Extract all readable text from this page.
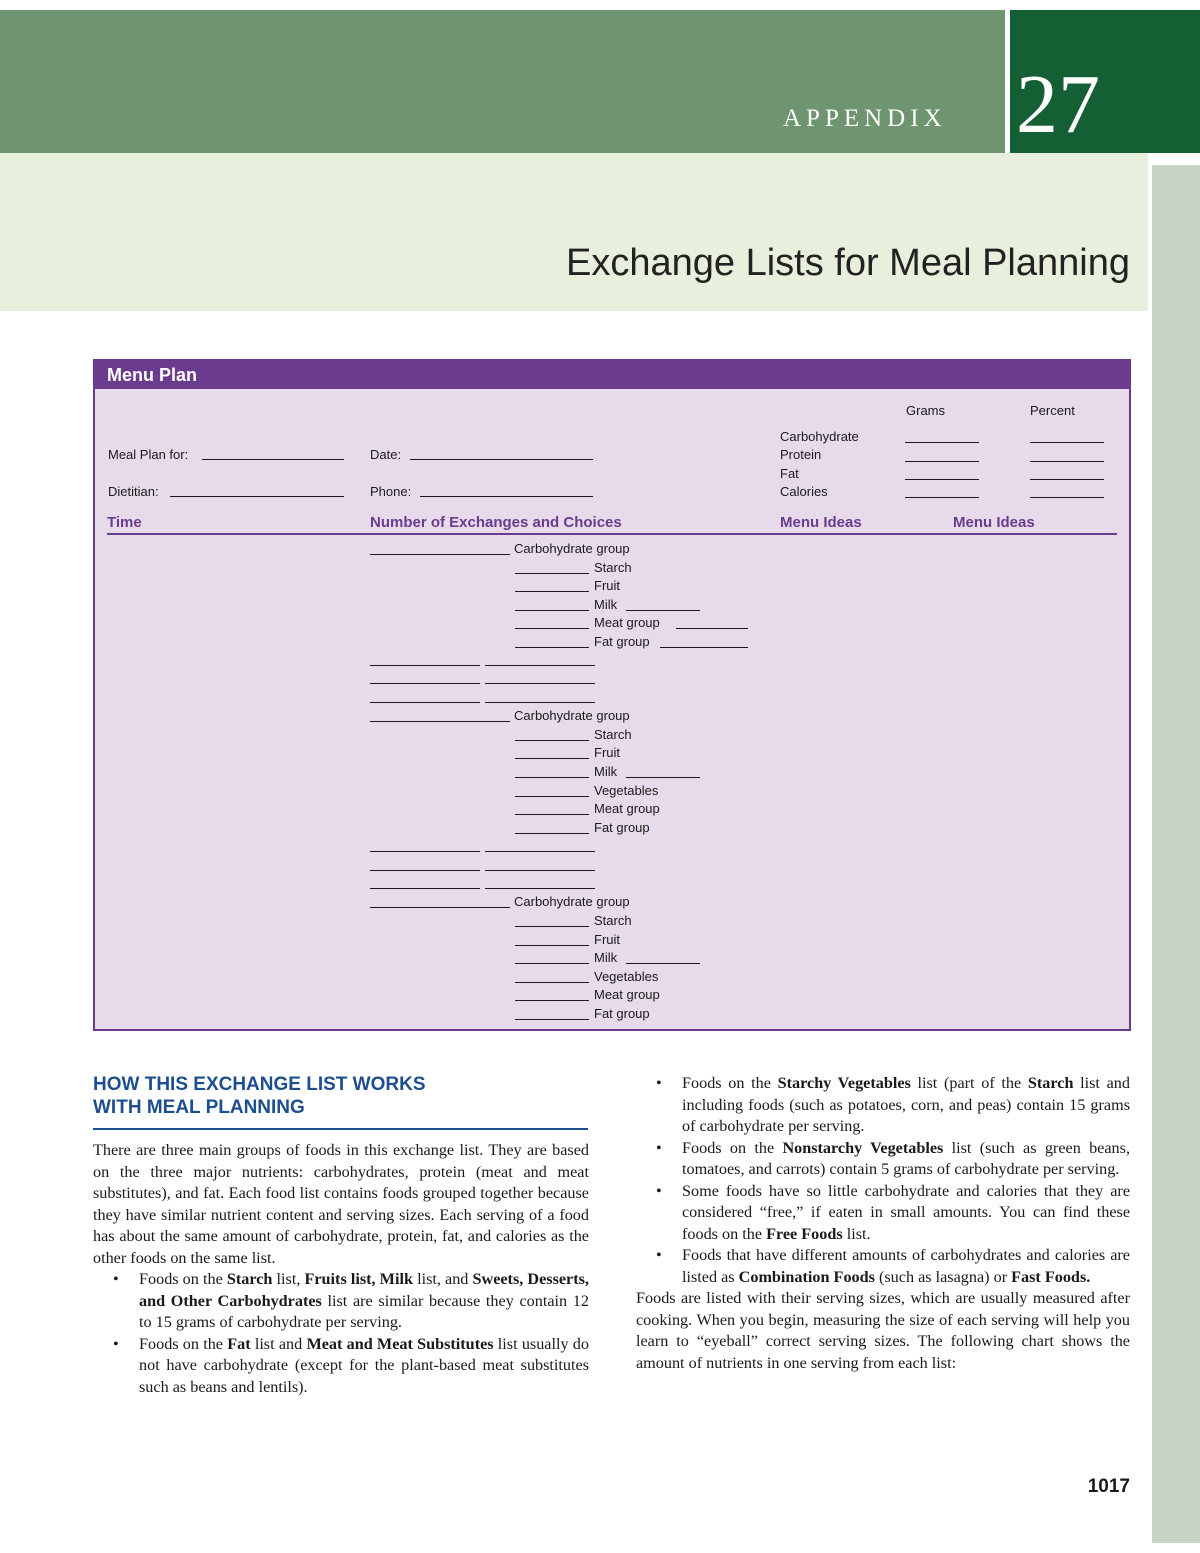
APPENDIX 27
Exchange Lists for Meal Planning
Menu Plan
Grams	Percent
Carbohydrate
Protein
Fat
Calories
Meal Plan for:	Date:
Dietitian:	Phone:
Time	Number of Exchanges and Choices	Menu Ideas	Menu Ideas
Carbohydrate group
Starch
Fruit
Milk
Meat group
Fat group
Carbohydrate group
Starch
Fruit
Milk
Vegetables
Meat group
Fat group
Carbohydrate group
Starch
Fruit
Milk
Vegetables
Meat group
Fat group
HOW THIS EXCHANGE LIST WORKS
WITH MEAL PLANNING

There are three main groups of foods in this exchange list. They are based on the three major nutrients: carbohydrates, protein (meat and meat substitutes), and fat. Each food list contains foods grouped together because they have similar nutrient content and serving sizes. Each serving of a food has about the same amount of carbohydrate, protein, fat, and calories as the other foods on the same list.

• Foods on the Starch list, Fruits list, Milk list, and Sweets, Desserts, and Other Carbohydrates list are similar because they contain 12 to 15 grams of carbohydrate per serving.
• Foods on the Fat list and Meat and Meat Substitutes list usually do not have carbohydrate (except for the plant-based meat substitutes such as beans and lentils).
• Foods on the Starchy Vegetables list (part of the Starch list and including foods (such as potatoes, corn, and peas) contain 15 grams of carbohydrate per serving.
• Foods on the Nonstarchy Vegetables list (such as green beans, tomatoes, and carrots) contain 5 grams of carbohydrate per serving.
• Some foods have so little carbohydrate and calories that they are considered “free,” if eaten in small amounts. You can find these foods on the Free Foods list.
• Foods that have different amounts of carbohydrates and calories are listed as Combination Foods (such as lasagna) or Fast Foods.

Foods are listed with their serving sizes, which are usually measured after cooking. When you begin, measuring the size of each serving will help you learn to “eyeball” correct serving sizes. The following chart shows the amount of nutrients in one serving from each list:

1017
